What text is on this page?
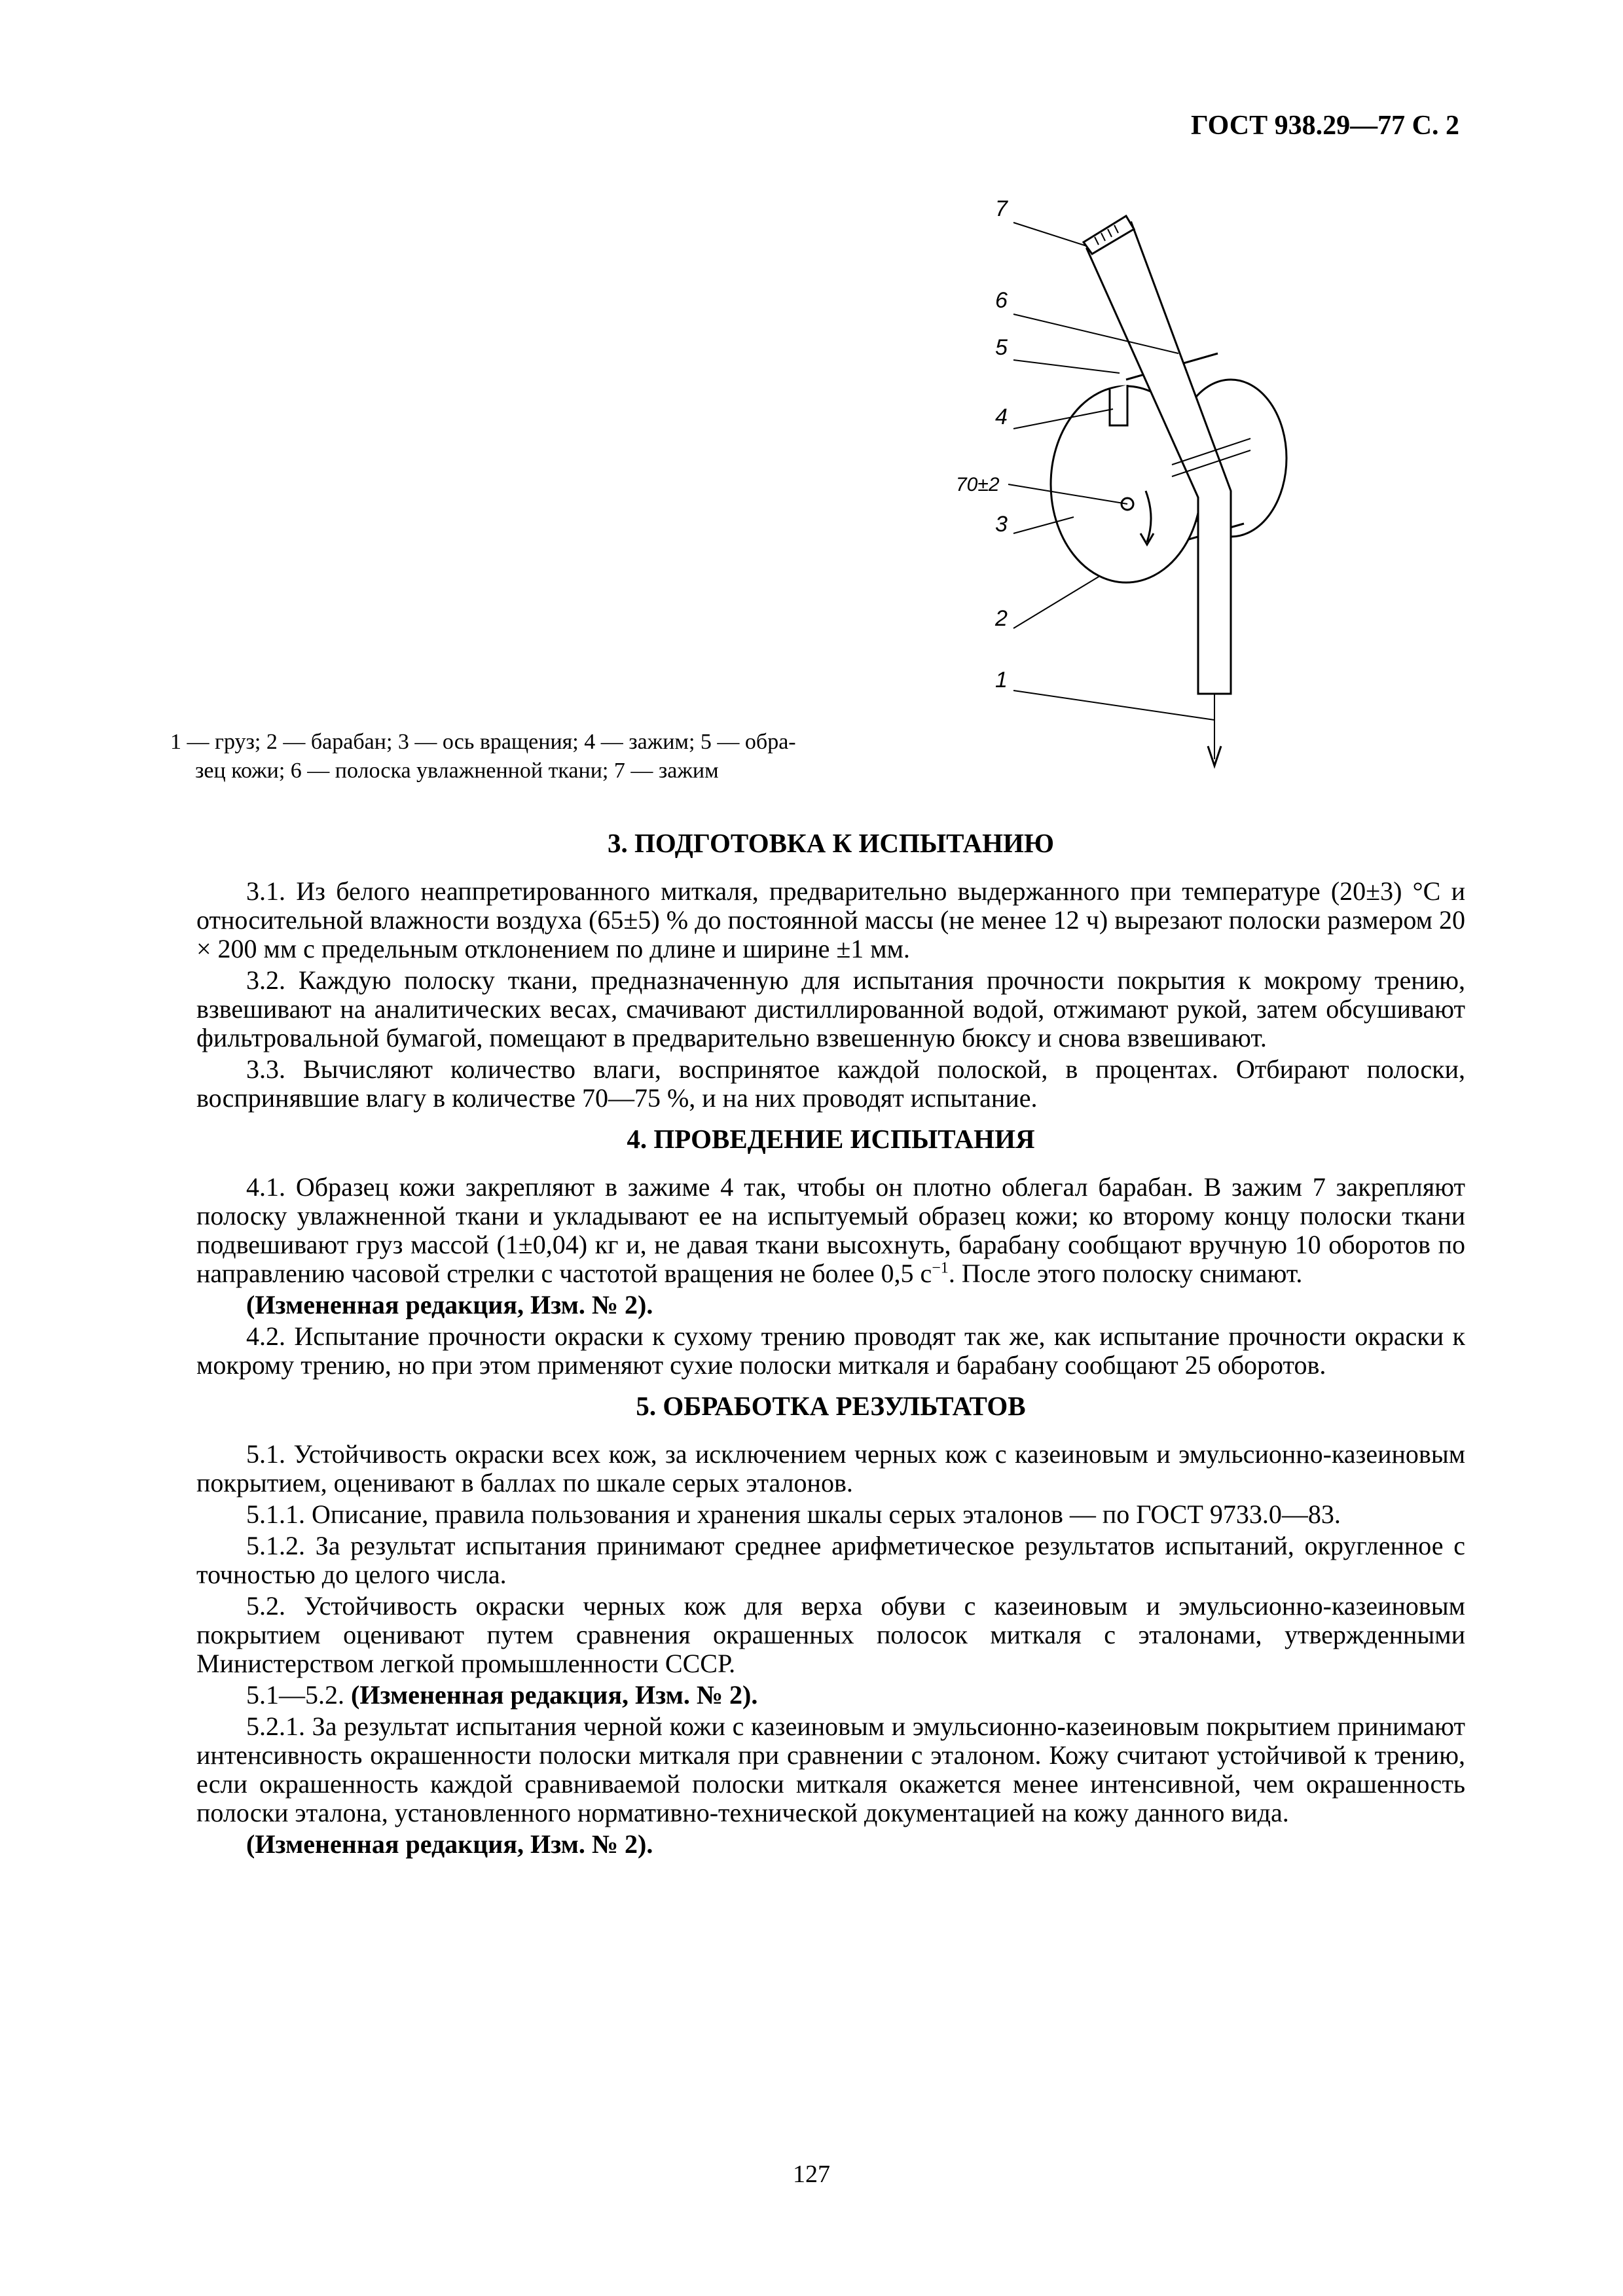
ГОСТ 938.29—77 С. 2
7
6
5
4
70±2
3
2
1
1 — груз; 2 — барабан; 3 — ось вращения; 4 — зажим; 5 — обра-
зец кожи; 6 — полоска увлажненной ткани; 7 — зажим
3. ПОДГОТОВКА К ИСПЫТАНИЮ

3.1. Из белого неаппретированного миткаля, предварительно выдержанного при температуре (20±3) °С и относительной влажности воздуха (65±5) % до постоянной массы (не менее 12 ч) вырезают полоски размером 20 × 200 мм с предельным отклонением по длине и ширине ±1 мм.

3.2. Каждую полоску ткани, предназначенную для испытания прочности покрытия к мокрому трению, взвешивают на аналитических весах, смачивают дистиллированной водой, отжимают рукой, затем обсушивают фильтровальной бумагой, помещают в предварительно взвешенную бюксу и снова взвешивают.

3.3. Вычисляют количество влаги, воспринятое каждой полоской, в процентах. Отбирают полоски, воспринявшие влагу в количестве 70—75 %, и на них проводят испытание.

4. ПРОВЕДЕНИЕ ИСПЫТАНИЯ

4.1. Образец кожи закрепляют в зажиме 4 так, чтобы он плотно облегал барабан. В зажим 7 закрепляют полоску увлажненной ткани и укладывают ее на испытуемый образец кожи; ко второму концу полоски ткани подвешивают груз массой (1±0,04) кг и, не давая ткани высохнуть, барабану сообщают вручную 10 оборотов по направлению часовой стрелки с частотой вращения не более 0,5 $с^{-1}$. После этого полоску снимают.

(Измененная редакция, Изм. № 2).

4.2. Испытание прочности окраски к сухому трению проводят так же, как испытание прочности окраски к мокрому трению, но при этом применяют сухие полоски миткаля и барабану сообщают 25 оборотов.

5. ОБРАБОТКА РЕЗУЛЬТАТОВ

5.1. Устойчивость окраски всех кож, за исключением черных кож с казеиновым и эмульсионно-казеиновым покрытием, оценивают в баллах по шкале серых эталонов.

5.1.1. Описание, правила пользования и хранения шкалы серых эталонов — по ГОСТ 9733.0—83.

5.1.2. За результат испытания принимают среднее арифметическое результатов испытаний, округленное с точностью до целого числа.

5.2. Устойчивость окраски черных кож для верха обуви с казеиновым и эмульсионно-казеиновым покрытием оценивают путем сравнения окрашенных полосок миткаля с эталонами, утвержденными Министерством легкой промышленности СССР.

5.1—5.2. (Измененная редакция, Изм. № 2).

5.2.1. За результат испытания черной кожи с казеиновым и эмульсионно-казеиновым покрытием принимают интенсивность окрашенности полоски миткаля при сравнении с эталоном. Кожу считают устойчивой к трению, если окрашенность каждой сравниваемой полоски миткаля окажется менее интенсивной, чем окрашенность полоски эталона, установленного нормативно-технической документацией на кожу данного вида.

(Измененная редакция, Изм. № 2).

127
